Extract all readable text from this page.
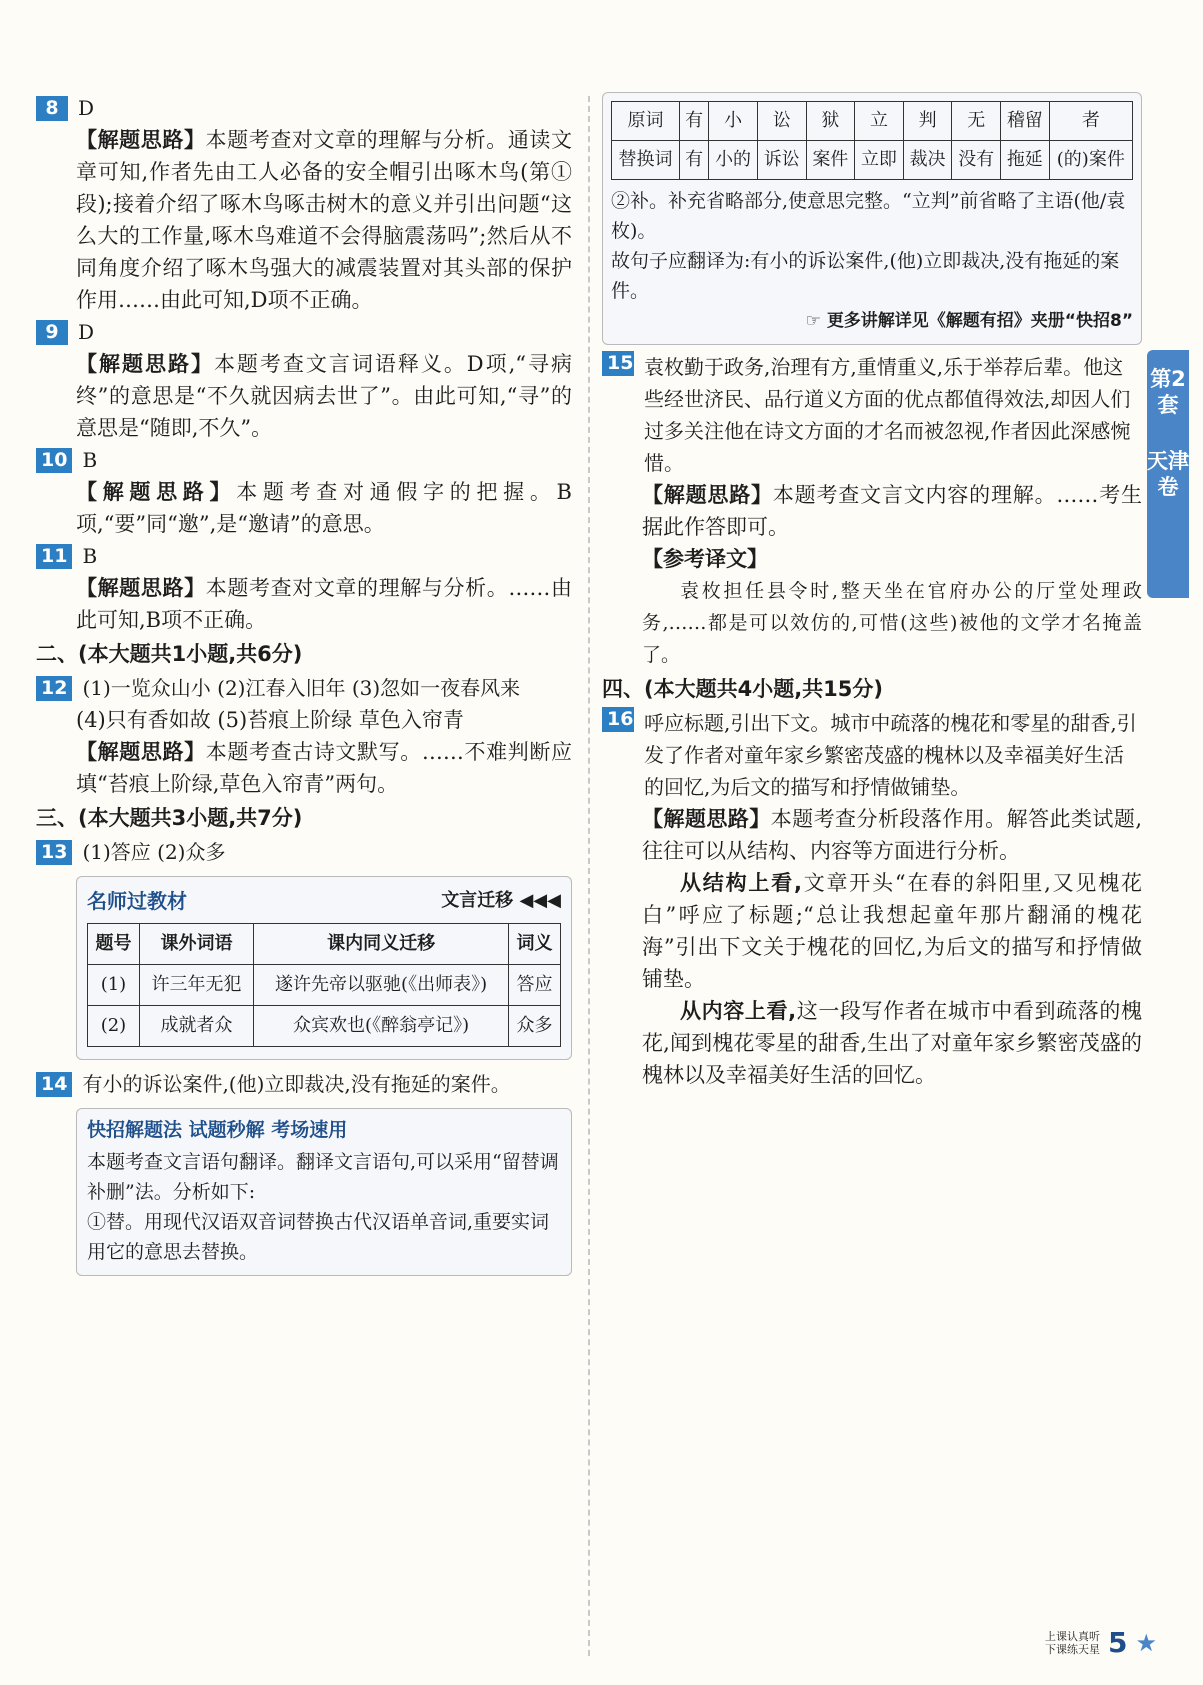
8 D
【解题思路】本题考查对文章的理解与分析。通读文章可知,作者先由工人必备的安全帽引出啄木鸟(第①段);接着介绍了啄木鸟啄击树木的意义并引出问题“这么大的工作量,啄木鸟难道不会得脑震荡吗”;然后从不同角度介绍了啄木鸟强大的减震装置对其头部的保护作用……由此可知,D项不正确。
9 D
【解题思路】本题考查文言词语释义。D项,“寻病终”的意思是“不久就因病去世了”。由此可知,“寻”的意思是“随即,不久”。
10 B
【解题思路】本题考查对通假字的把握。B项,“要”同“邀”,是“邀请”的意思。
11 B
【解题思路】本题考查对文章的理解与分析。……由此可知,B项不正确。
二、(本大题共1小题,共6分)
12 (1)一览众山小 (2)江春入旧年 (3)忽如一夜春风来
(4)只有香如故 (5)苔痕上阶绿 草色入帘青
【解题思路】本题考查古诗文默写。……不难判断应填“苔痕上阶绿,草色入帘青”两句。
三、(本大题共3小题,共7分)
13 (1)答应 (2)众多
名师过教材	文言迁移 ◀◀◀
题号	课外词语	课内同义迁移	词义
(1)	许三年无犯	遂许先帝以驱驰(《出师表》)	答应
(2)	成就者众	众宾欢也(《醉翁亭记》)	众多
14 有小的诉讼案件,(他)立即裁决,没有拖延的案件。
快招解题法 试题秒解 考场速用
本题考查文言语句翻译。翻译文言语句,可以采用“留替调补删”法。分析如下:
①替。用现代汉语双音词替换古代汉语单音词,重要实词用它的意思去替换。
原词	有	小	讼	狱	立	判	无	稽留	者
替换词	有	小的	诉讼	案件	立即	裁决	没有	拖延	(的)案件
②补。补充省略部分,使意思完整。“立判”前省略了主语(他/袁枚)。
故句子应翻译为:有小的诉讼案件,(他)立即裁决,没有拖延的案件。
☞ 更多讲解详见《解题有招》夹册“快招8”
15 袁枚勤于政务,治理有方,重情重义,乐于举荐后辈。他这些经世济民、品行道义方面的优点都值得效法,却因人们过多关注他在诗文方面的才名而被忽视,作者因此深感惋惜。
【解题思路】本题考查文言文内容的理解。……考生据此作答即可。
【参考译文】
袁枚担任县令时,整天坐在官府办公的厅堂处理政务,……都是可以效仿的,可惜(这些)被他的文学才名掩盖了。
四、(本大题共4小题,共15分)
16 呼应标题,引出下文。城市中疏落的槐花和零星的甜香,引发了作者对童年家乡繁密茂盛的槐林以及幸福美好生活的回忆,为后文的描写和抒情做铺垫。
【解题思路】本题考查分析段落作用。解答此类试题,往往可以从结构、内容等方面进行分析。
从结构上看,文章开头“在春的斜阳里,又见槐花白”呼应了标题;“总让我想起童年那片翻涌的槐花海”引出下文关于槐花的回忆,为后文的描写和抒情做铺垫。
从内容上看,这一段写作者在城市中看到疏落的槐花,闻到槐花零星的甜香,生出了对童年家乡繁密茂盛的槐林以及幸福美好生活的回忆。
第2套
天津卷
上课认真听
下课练天星 5 ★
